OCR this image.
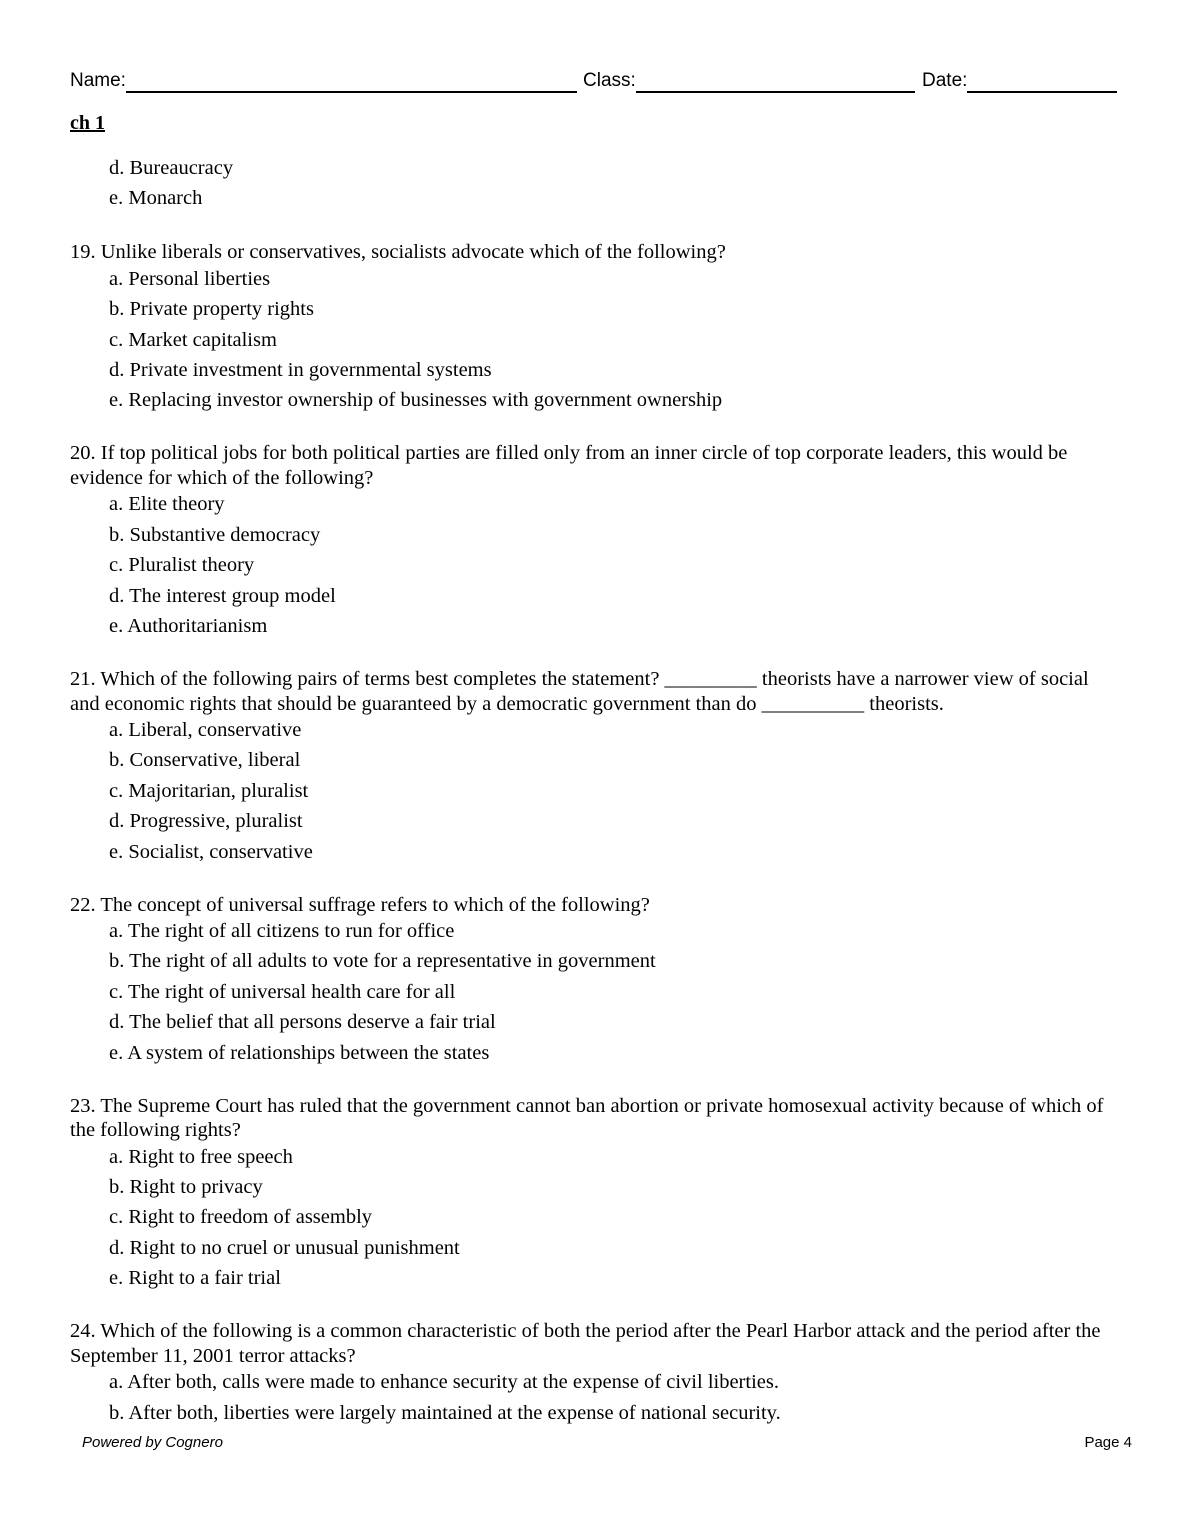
Name:	Class:	Date:
ch 1
d. Bureaucracy
e. Monarch
19. Unlike liberals or conservatives, socialists advocate which of the following?
a. Personal liberties
b. Private property rights
c. Market capitalism
d. Private investment in governmental systems
e. Replacing investor ownership of businesses with government ownership
20. If top political jobs for both political parties are filled only from an inner circle of top corporate leaders, this would be evidence for which of the following?
a. Elite theory
b. Substantive democracy
c. Pluralist theory
d. The interest group model
e. Authoritarianism
21. Which of the following pairs of terms best completes the statement? _________ theorists have a narrower view of social and economic rights that should be guaranteed by a democratic government than do __________ theorists.
a. Liberal, conservative
b. Conservative, liberal
c. Majoritarian, pluralist
d. Progressive, pluralist
e. Socialist, conservative
22. The concept of universal suffrage refers to which of the following?
a. The right of all citizens to run for office
b. The right of all adults to vote for a representative in government
c. The right of universal health care for all
d. The belief that all persons deserve a fair trial
e. A system of relationships between the states
23. The Supreme Court has ruled that the government cannot ban abortion or private homosexual activity because of which of the following rights?
a. Right to free speech
b. Right to privacy
c. Right to freedom of assembly
d. Right to no cruel or unusual punishment
e. Right to a fair trial
24. Which of the following is a common characteristic of both the period after the Pearl Harbor attack and the period after the September 11, 2001 terror attacks?
a. After both, calls were made to enhance security at the expense of civil liberties.
b. After both, liberties were largely maintained at the expense of national security.
Powered by Cognero	Page 4
